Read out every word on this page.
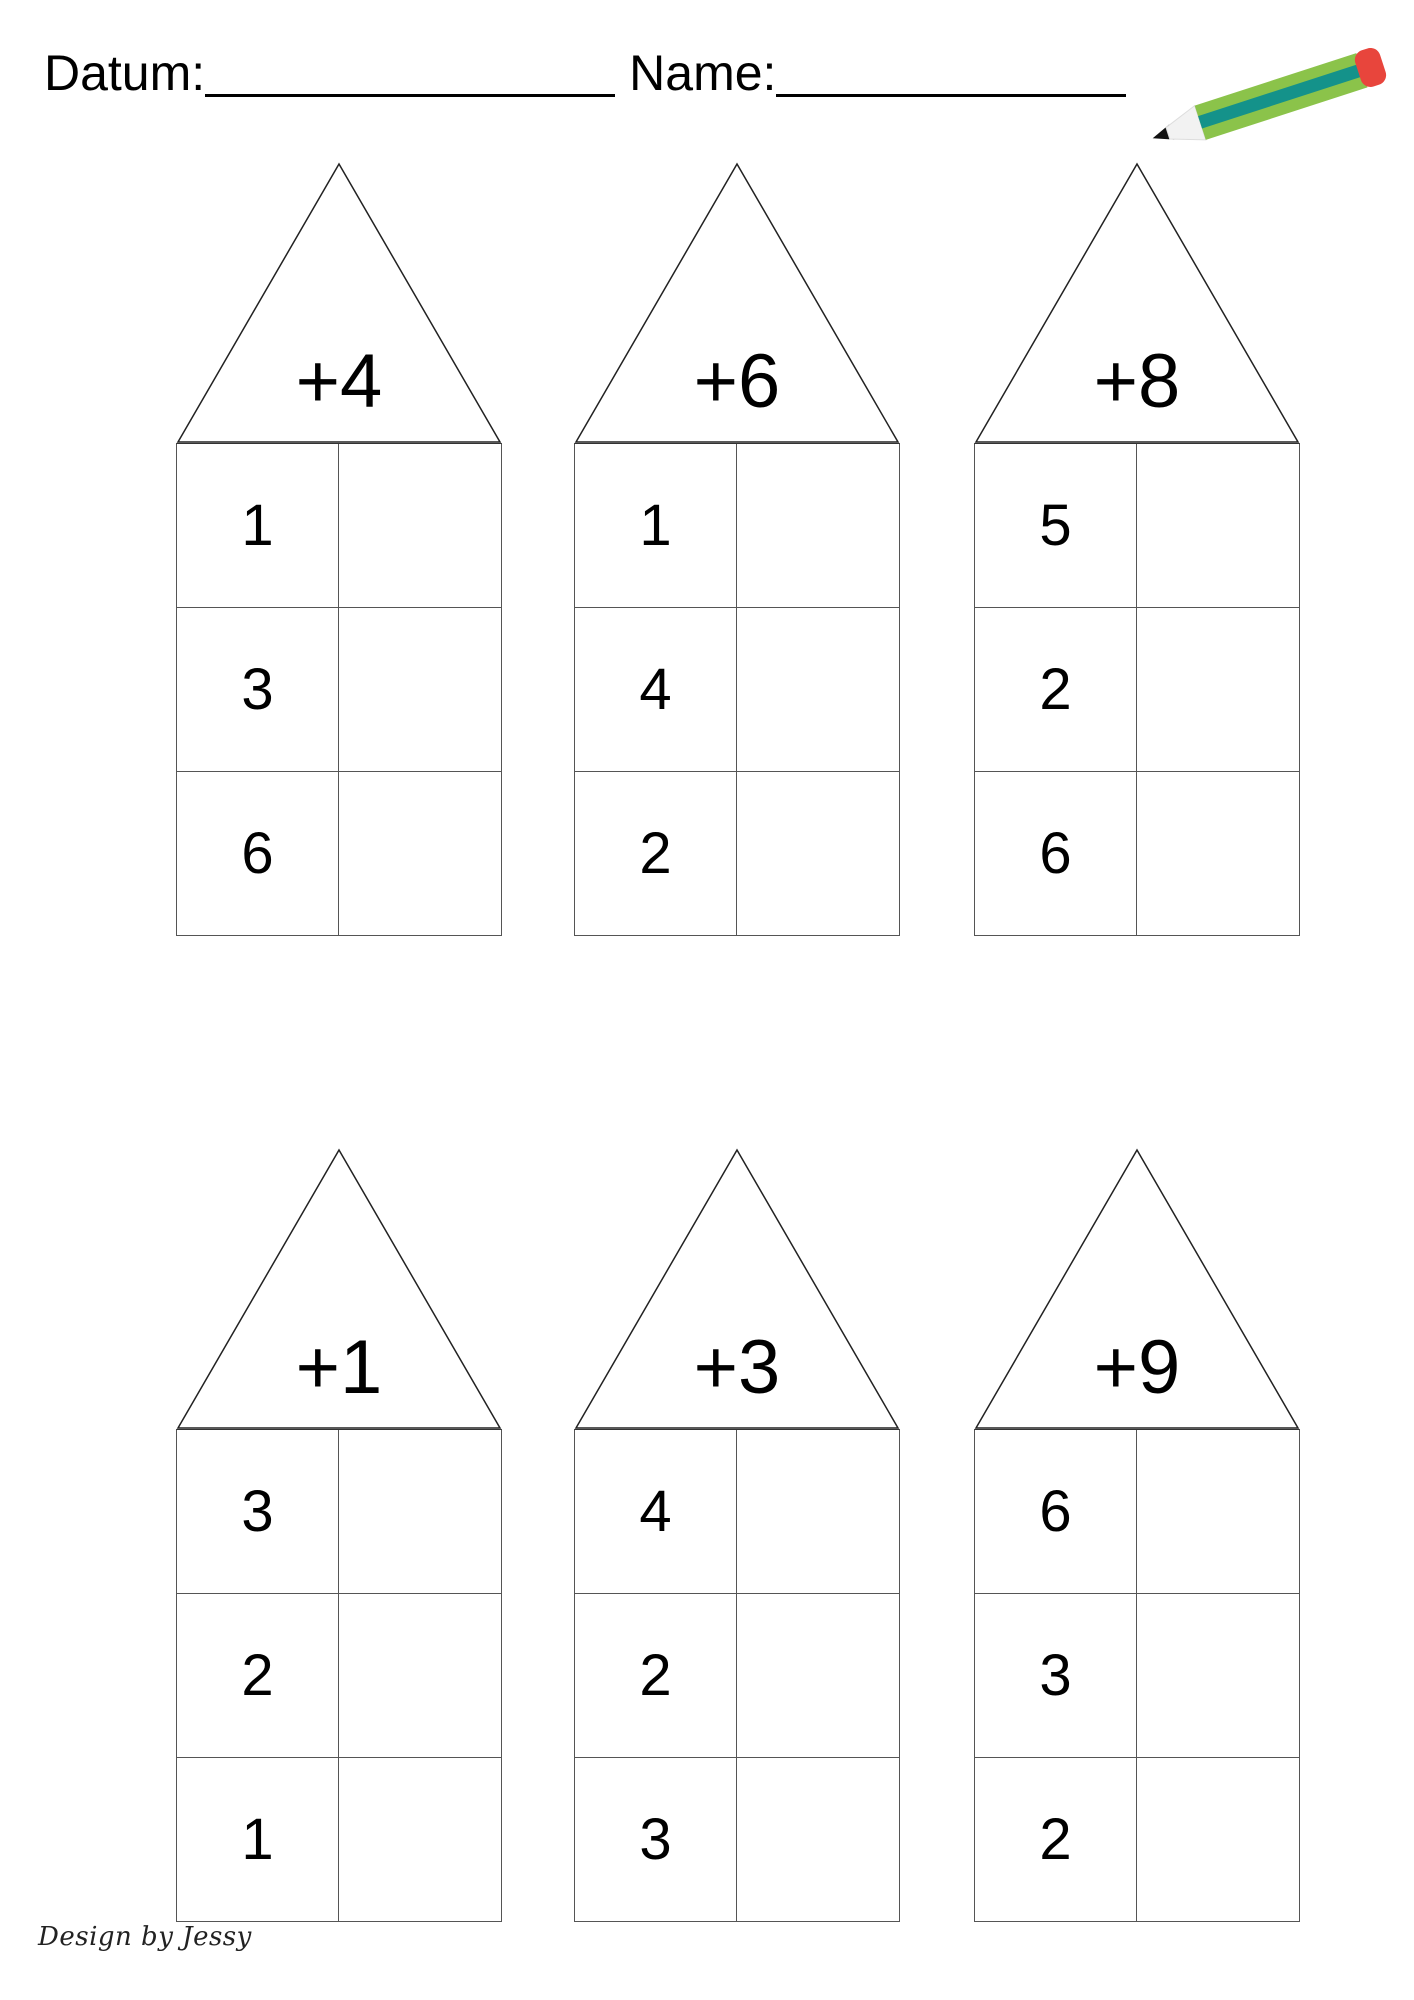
Datum:	Name:
+4
1
3
6
+6
1
4
2
+8
5
2
6
+1
3
2
1
+3
4
2
3
+9
6
3
2
Design by Jessy
